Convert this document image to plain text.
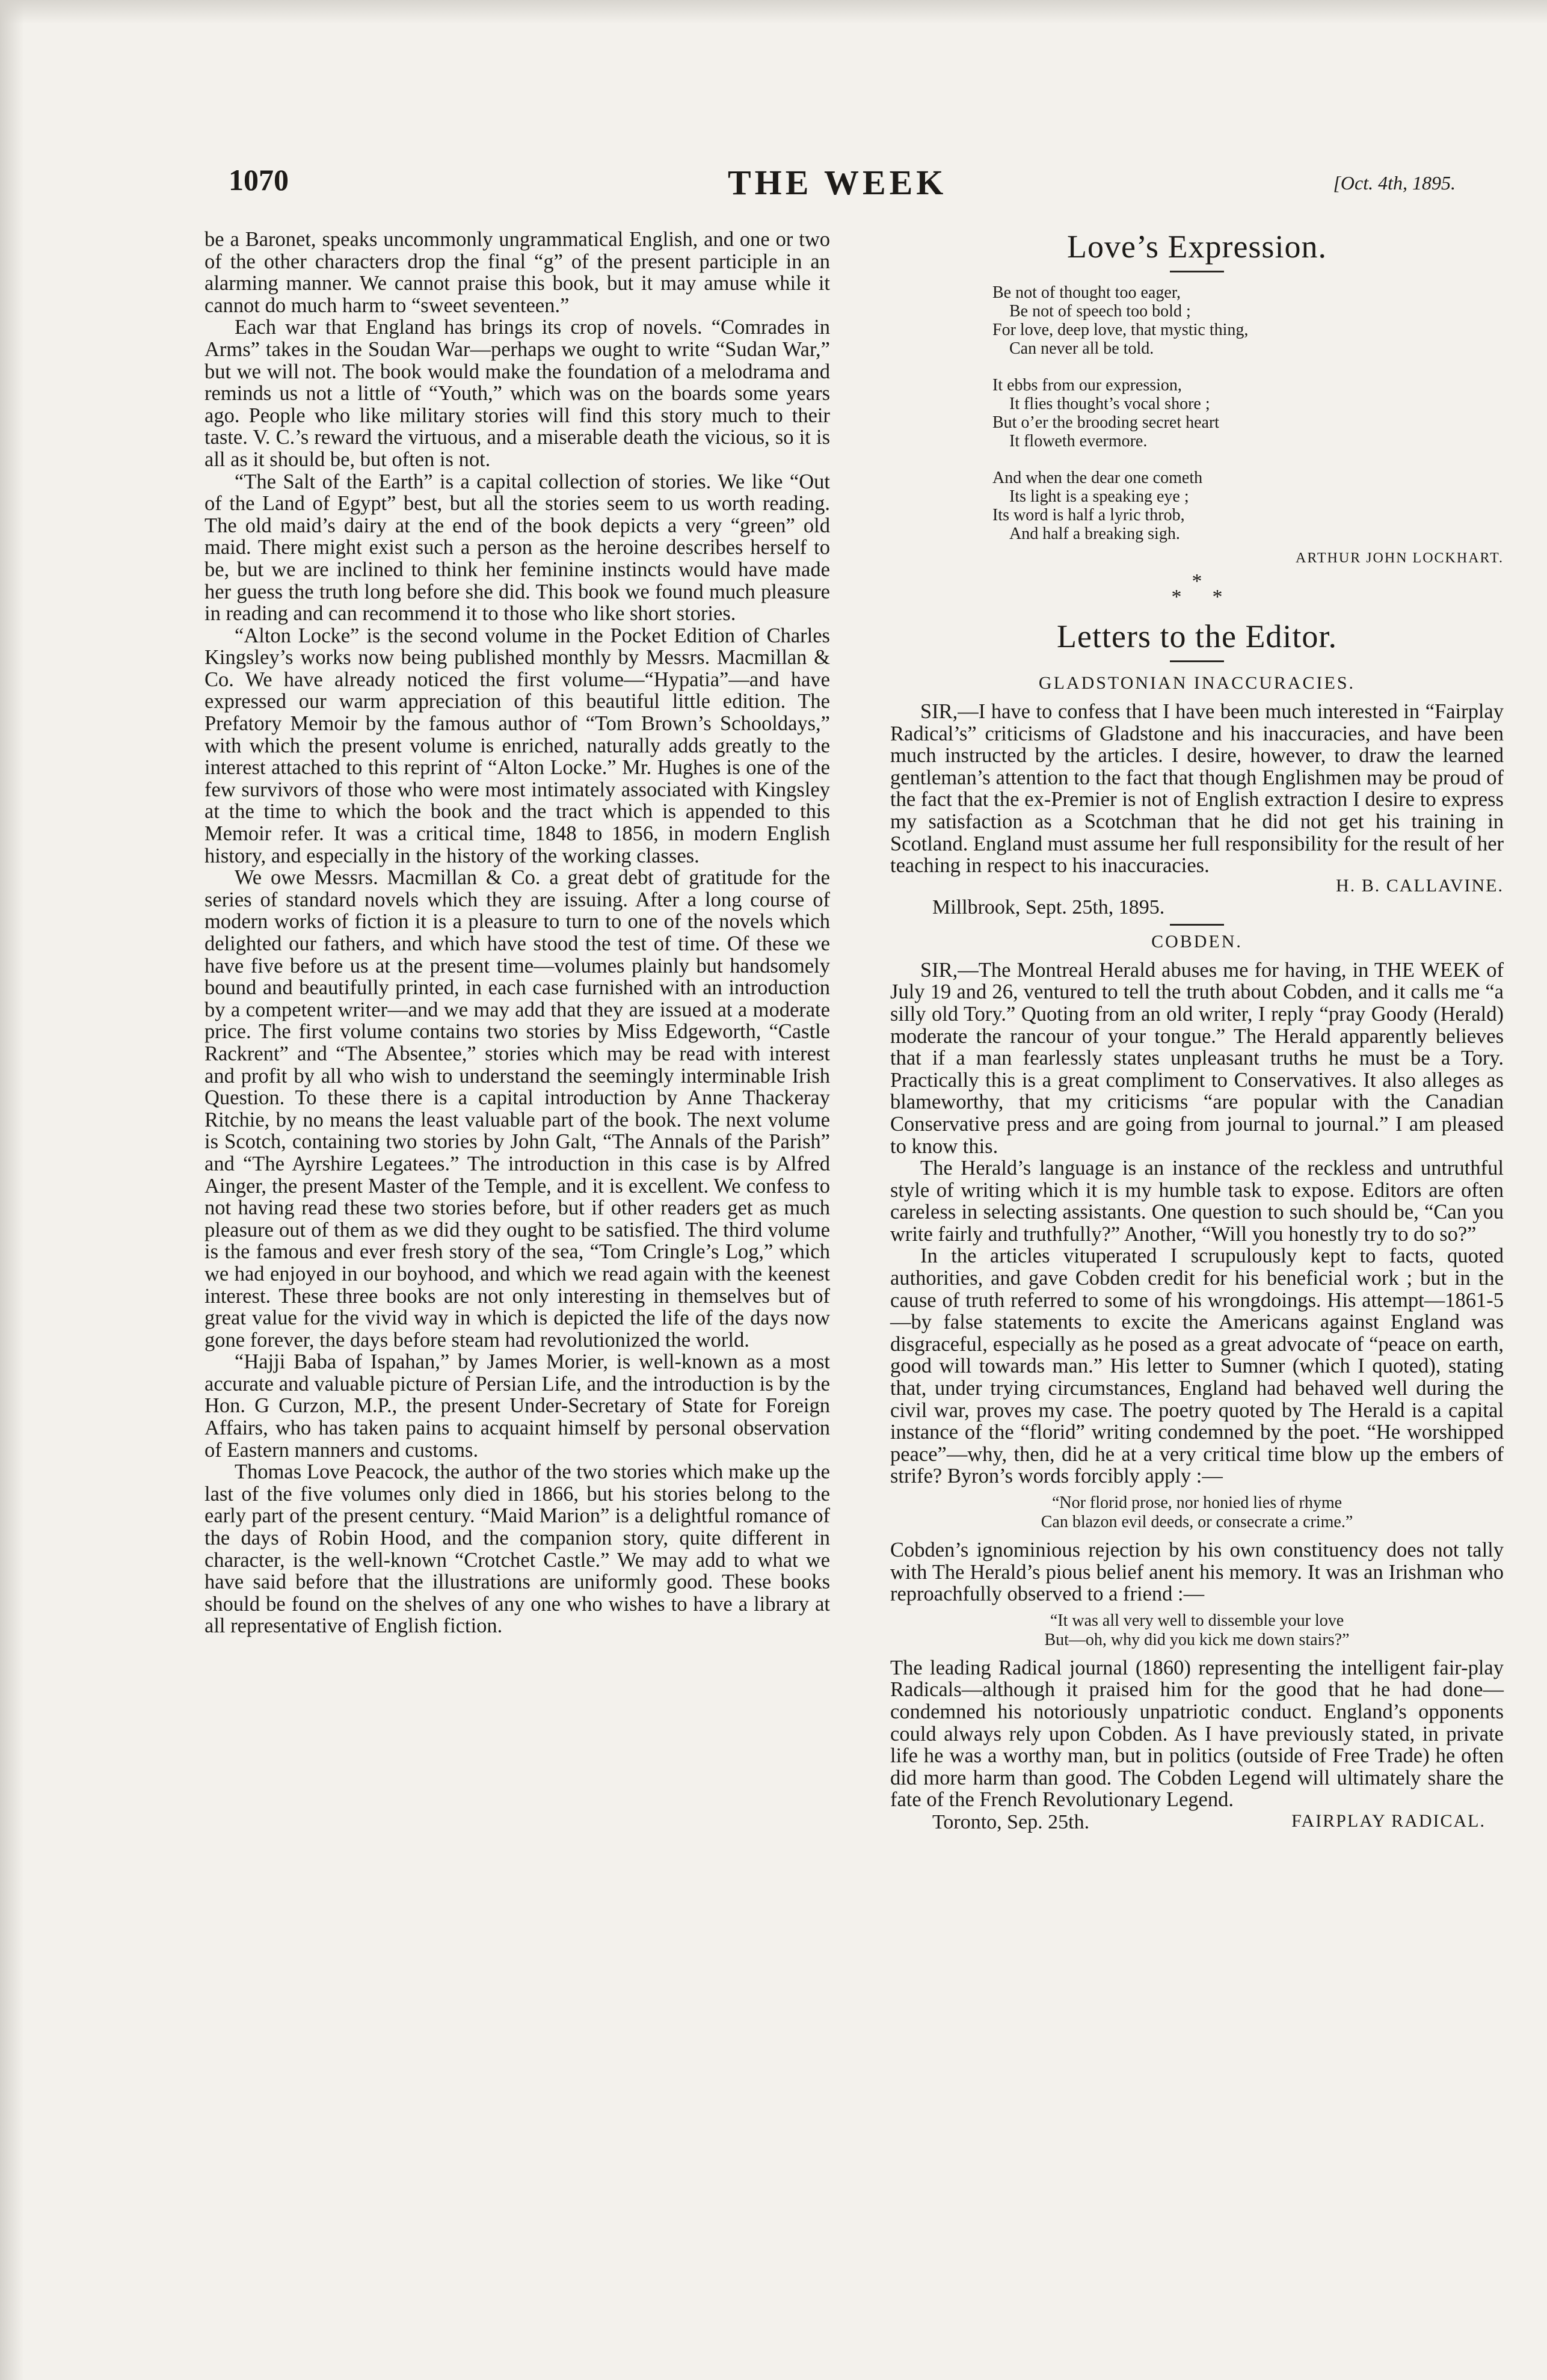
1070	THE WEEK	[Oct. 4th, 1895.

be a Baronet, speaks uncommonly ungrammatical English, and one or two of the other characters drop the final “g” of the present participle in an alarming manner. We cannot praise this book, but it may amuse while it cannot do much harm to “sweet seventeen.”

Each war that England has brings its crop of novels. “Comrades in Arms” takes in the Soudan War—perhaps we ought to write “Sudan War,” but we will not. The book would make the foundation of a melodrama and reminds us not a little of “Youth,” which was on the boards some years ago. People who like military stories will find this story much to their taste. V. C.’s reward the virtuous, and a miserable death the vicious, so it is all as it should be, but often is not.

“The Salt of the Earth” is a capital collection of stories. We like “Out of the Land of Egypt” best, but all the stories seem to us worth reading. The old maid’s dairy at the end of the book depicts a very “green” old maid. There might exist such a person as the heroine describes herself to be, but we are inclined to think her feminine instincts would have made her guess the truth long before she did. This book we found much pleasure in reading and can recommend it to those who like short stories.

“Alton Locke” is the second volume in the Pocket Edition of Charles Kingsley’s works now being published monthly by Messrs. Macmillan & Co. We have already noticed the first volume—“Hypatia”—and have expressed our warm appreciation of this beautiful little edition. The Prefatory Memoir by the famous author of “Tom Brown’s Schooldays,” with which the present volume is enriched, naturally adds greatly to the interest attached to this reprint of “Alton Locke.” Mr. Hughes is one of the few survivors of those who were most intimately associated with Kingsley at the time to which the book and the tract which is appended to this Memoir refer. It was a critical time, 1848 to 1856, in modern English history, and especially in the history of the working classes.

We owe Messrs. Macmillan & Co. a great debt of gratitude for the series of standard novels which they are issuing. After a long course of modern works of fiction it is a pleasure to turn to one of the novels which delighted our fathers, and which have stood the test of time. Of these we have five before us at the present time—volumes plainly but handsomely bound and beautifully printed, in each case furnished with an introduction by a competent writer—and we may add that they are issued at a moderate price. The first volume contains two stories by Miss Edgeworth, “Castle Rackrent” and “The Absentee,” stories which may be read with interest and profit by all who wish to understand the seemingly interminable Irish Question. To these there is a capital introduction by Anne Thackeray Ritchie, by no means the least valuable part of the book. The next volume is Scotch, containing two stories by John Galt, “The Annals of the Parish” and “The Ayrshire Legatees.” The introduction in this case is by Alfred Ainger, the present Master of the Temple, and it is excellent. We confess to not having read these two stories before, but if other readers get as much pleasure out of them as we did they ought to be satisfied. The third volume is the famous and ever fresh story of the sea, “Tom Cringle’s Log,” which we had enjoyed in our boyhood, and which we read again with the keenest interest. These three books are not only interesting in themselves but of great value for the vivid way in which is depicted the life of the days now gone forever, the days before steam had revolutionized the world.

“Hajji Baba of Ispahan,” by James Morier, is well-known as a most accurate and valuable picture of Persian Life, and the introduction is by the Hon. G Curzon, M.P., the present Under-Secretary of State for Foreign Affairs, who has taken pains to acquaint himself by personal observation of Eastern manners and customs.

Thomas Love Peacock, the author of the two stories which make up the last of the five volumes only died in 1866, but his stories belong to the early part of the present century. “Maid Marion” is a delightful romance of the days of Robin Hood, and the companion story, quite different in character, is the well-known “Crotchet Castle.” We may add to what we have said before that the illustrations are uniformly good. These books should be found on the shelves of any one who wishes to have a library at all representative of English fiction.

Love’s Expression.
Be not of thought too eager,
Be not of speech too bold ;
For love, deep love, that mystic thing,
Can never all be told.
It ebbs from our expression,
It flies thought’s vocal shore ;
But o’er the brooding secret heart
It floweth evermore.
And when the dear one cometh
Its light is a speaking eye ;
Its word is half a lyric throb,
And half a breaking sigh.
ARTHUR JOHN LOCKHART.
*
* *
Letters to the Editor.
GLADSTONIAN INACCURACIES.

SIR,—I have to confess that I have been much interested in “Fairplay Radical’s” criticisms of Gladstone and his inaccuracies, and have been much instructed by the articles. I desire, however, to draw the learned gentleman’s attention to the fact that though Englishmen may be proud of the fact that the ex-Premier is not of English extraction I desire to express my satisfaction as a Scotchman that he did not get his training in Scotland. England must assume her full responsibility for the result of her teaching in respect to his inaccuracies.

H. B. CALLAVINE.
Millbrook, Sept. 25th, 1895.
COBDEN.

SIR,—The Montreal Herald abuses me for having, in THE WEEK of July 19 and 26, ventured to tell the truth about Cobden, and it calls me “a silly old Tory.” Quoting from an old writer, I reply “pray Goody (Herald) moderate the rancour of your tongue.” The Herald apparently believes that if a man fearlessly states unpleasant truths he must be a Tory. Practically this is a great compliment to Conservatives. It also alleges as blameworthy, that my criticisms “are popular with the Canadian Conservative press and are going from journal to journal.” I am pleased to know this.

The Herald’s language is an instance of the reckless and untruthful style of writing which it is my humble task to expose. Editors are often careless in selecting assistants. One question to such should be, “Can you write fairly and truthfully?” Another, “Will you honestly try to do so?”

In the articles vituperated I scrupulously kept to facts, quoted authorities, and gave Cobden credit for his beneficial work ; but in the cause of truth referred to some of his wrongdoings. His attempt—1861-5—by false statements to excite the Americans against England was disgraceful, especially as he posed as a great advocate of “peace on earth, good will towards man.” His letter to Sumner (which I quoted), stating that, under trying circumstances, England had behaved well during the civil war, proves my case. The poetry quoted by The Herald is a capital instance of the “florid” writing condemned by the poet. “He worshipped peace”—why, then, did he at a very critical time blow up the embers of strife? Byron’s words forcibly apply :—

“Nor florid prose, nor honied lies of rhyme
Can blazon evil deeds, or consecrate a crime.”

Cobden’s ignominious rejection by his own constituency does not tally with The Herald’s pious belief anent his memory. It was an Irishman who reproachfully observed to a friend :—

“It was all very well to dissemble your love
But—oh, why did you kick me down stairs?”

The leading Radical journal (1860) representing the intelligent fair-play Radicals—although it praised him for the good that he had done—condemned his notoriously unpatriotic conduct. England’s opponents could always rely upon Cobden. As I have previously stated, in private life he was a worthy man, but in politics (outside of Free Trade) he often did more harm than good. The Cobden Legend will ultimately share the fate of the French Revolutionary Legend.

Toronto, Sep. 25th.	FAIRPLAY RADICAL.
